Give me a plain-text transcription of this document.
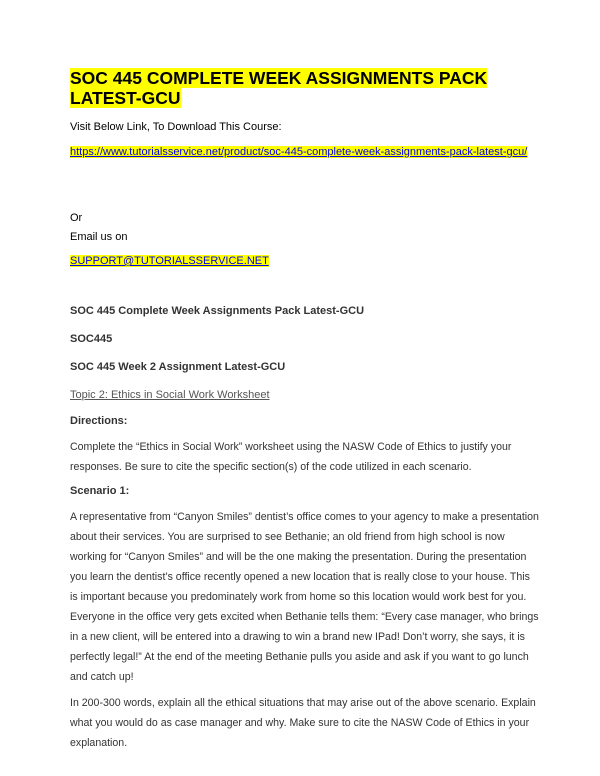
SOC 445 COMPLETE WEEK ASSIGNMENTS PACK LATEST-GCU

Visit Below Link, To Download This Course:

https://www.tutorialsservice.net/product/soc-445-complete-week-assignments-pack-latest-gcu/

Or

Email us on

SUPPORT@TUTORIALSSERVICE.NET

SOC 445 Complete Week Assignments Pack Latest-GCU

SOC445

SOC 445 Week 2 Assignment Latest-GCU

Topic 2: Ethics in Social Work Worksheet

Directions:

Complete the “Ethics in Social Work” worksheet using the NASW Code of Ethics to justify your responses. Be sure to cite the specific section(s) of the code utilized in each scenario.

Scenario 1:

A representative from “Canyon Smiles” dentist’s office comes to your agency to make a presentation about their services. You are surprised to see Bethanie; an old friend from high school is now working for “Canyon Smiles” and will be the one making the presentation. During the presentation you learn the dentist’s office recently opened a new location that is really close to your house. This is important because you predominately work from home so this location would work best for you. Everyone in the office very gets excited when Bethanie tells them: “Every case manager, who brings in a new client, will be entered into a drawing to win a brand new IPad! Don’t worry, she says, it is perfectly legal!” At the end of the meeting Bethanie pulls you aside and ask if you want to go lunch and catch up!

In 200-300 words, explain all the ethical situations that may arise out of the above scenario. Explain what you would do as case manager and why. Make sure to cite the NASW Code of Ethics in your explanation.
